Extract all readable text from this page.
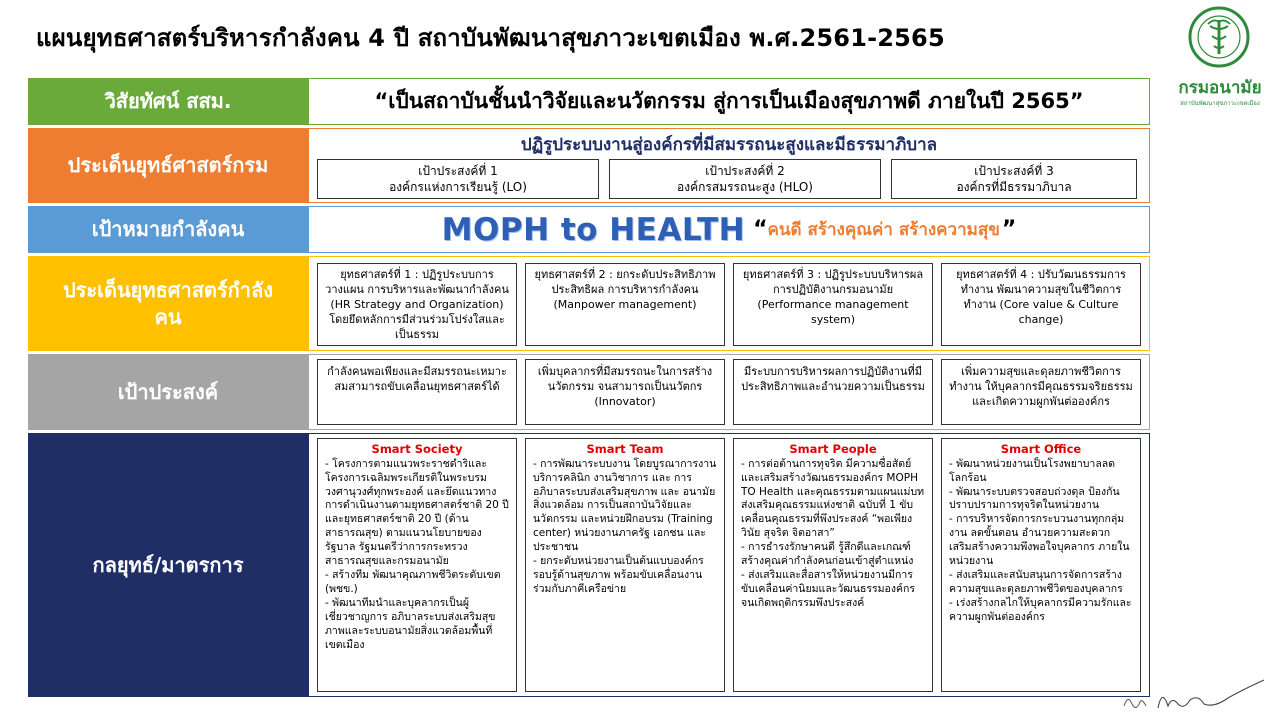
แผนยุทธศาสตร์บริหารกำลังคน 4 ปี สถาบันพัฒนาสุขภาวะเขตเมือง พ.ศ.2561-2565
กรมอนามัย
สถาบันพัฒนาสุขภาวะเขตเมือง
วิสัยทัศน์ สสม.	“เป็นสถาบันชั้นนำวิจัยและนวัตกรรม สู่การเป็นเมืองสุขภาพดี ภายในปี 2565”
ประเด็นยุทธ์ศาสตร์กรม
ปฏิรูประบบงานสู่องค์กรที่มีสมรรถนะสูงและมีธรรมาภิบาล
เป้าประสงค์ที่ 1
องค์กรแห่งการเรียนรู้ (LO)
เป้าประสงค์ที่ 2
องค์กรสมรรถนะสูง (HLO)
เป้าประสงค์ที่ 3
องค์กรที่มีธรรมาภิบาล
เป้าหมายกำลังคน	MOPH to HEALTH “ คนดี สร้างคุณค่า สร้างความสุข ”
ประเด็นยุทธศาสตร์กำลังคน
ยุทธศาสตร์ที่ 1 : ปฏิรูประบบการวางแผน การบริหารและพัฒนากำลังคน (HR Strategy and Organization) โดยยึดหลักการมีส่วนร่วมโปร่งใสและเป็นธรรม
ยุทธศาสตร์ที่ 2 : ยกระดับประสิทธิภาพ ประสิทธิผล การบริหารกำลังคน (Manpower management)
ยุทธศาสตร์ที่ 3 : ปฏิรูประบบบริหารผลการปฏิบัติงานกรมอนามัย (Performance management system)
ยุทธศาสตร์ที่ 4 : ปรับวัฒนธรรมการทำงาน พัฒนาความสุขในชีวิตการทำงาน (Core value & Culture change)
เป้าประสงค์
กำลังคนพอเพียงและมีสมรรถนะเหมาะสมสามารถขับเคลื่อนยุทธศาสตร์ได้
เพิ่มบุคลากรที่มีสมรรถนะในการสร้างนวัตกรรม จนสามารถเป็นนวัตกร (Innovator)
มีระบบการบริหารผลการปฏิบัติงานที่มีประสิทธิภาพและอำนวยความเป็นธรรม
เพิ่มความสุขและดุลยภาพชีวิตการทำงาน ให้บุคลากรมีคุณธรรมจริยธรรมและเกิดความผูกพันต่อองค์กร
กลยุทธ์/มาตรการ
Smart Society
- โครงการตามแนวพระราชดำริและโครงการเฉลิมพระเกียรติในพระบรมวงศานุวงศ์ทุกพระองค์ และยึดแนวทางการดำเนินงานตามยุทธศาสตร์ชาติ 20 ปี และยุทธศาสตร์ชาติ 20 ปี (ด้านสาธารณสุข) ตามแนวนโยบายของรัฐบาล รัฐมนตรีว่าการกระทรวงสาธารณสุขและกรมอนามัย
- สร้างทีม พัฒนาคุณภาพชีวิตระดับเขต (พชข.)
- พัฒนาทีมนำและบุคลากรเป็นผู้เชี่ยวชาญการ อภิบาลระบบส่งเสริมสุขภาพและระบบอนามัยสิ่งแวดล้อมพื้นที่เขตเมือง
Smart Team
- การพัฒนาระบบงาน โดยบูรณาการงานบริการคลินิก งานวิชาการ และ การอภิบาลระบบส่งเสริมสุขภาพ และ อนามัย สิ่งแวดล้อม การเป็นสถาบันวิจัยและนวัตกรรม และหน่วยฝึกอบรม (Training center) หน่วยงานภาครัฐ เอกชน และประชาชน
- ยกระดับหน่วยงานเป็นต้นแบบองค์กรรอบรู้ด้านสุขภาพ พร้อมขับเคลื่อนงานร่วมกับภาคีเครือข่าย
Smart People
- การต่อต้านการทุจริต มีความซื่อสัตย์ และเสริมสร้างวัฒนธรรมองค์กร MOPH TO Health และคุณธรรมตามแผนแม่บทส่งเสริมคุณธรรมแห่งชาติ ฉบับที่ 1 ขับเคลื่อนคุณธรรมที่พึงประสงค์ “พอเพียง วินัย สุจริต จิตอาสา”
- การธำรงรักษาคนดี รู้สึกดีและเกณฑ์ สร้างคุณค่ากำลังคนก่อนเข้าสู่ตำแหน่ง
- ส่งเสริมและสื่อสารให้หน่วยงานมีการขับเคลื่อนค่านิยมและวัฒนธรรมองค์กร จนเกิดพฤติกรรมพึงประสงค์
Smart Office
- พัฒนาหน่วยงานเป็นโรงพยาบาลลดโลกร้อน
- พัฒนาระบบตรวจสอบถ่วงดุล ป้องกันปราบปรามการทุจริตในหน่วยงาน
- การบริหารจัดการกระบวนงานทุกกลุ่มงาน ลดขั้นตอน อำนวยความสะดวก เสริมสร้างความพึงพอใจบุคลากร ภายในหน่วยงาน
- ส่งเสริมและสนับสนุนการจัดการสร้างความสุขและดุลยภาพชีวิตของบุคลากร
- เร่งสร้างกลไกให้บุคลากรมีความรักและความผูกพันต่อองค์กร
